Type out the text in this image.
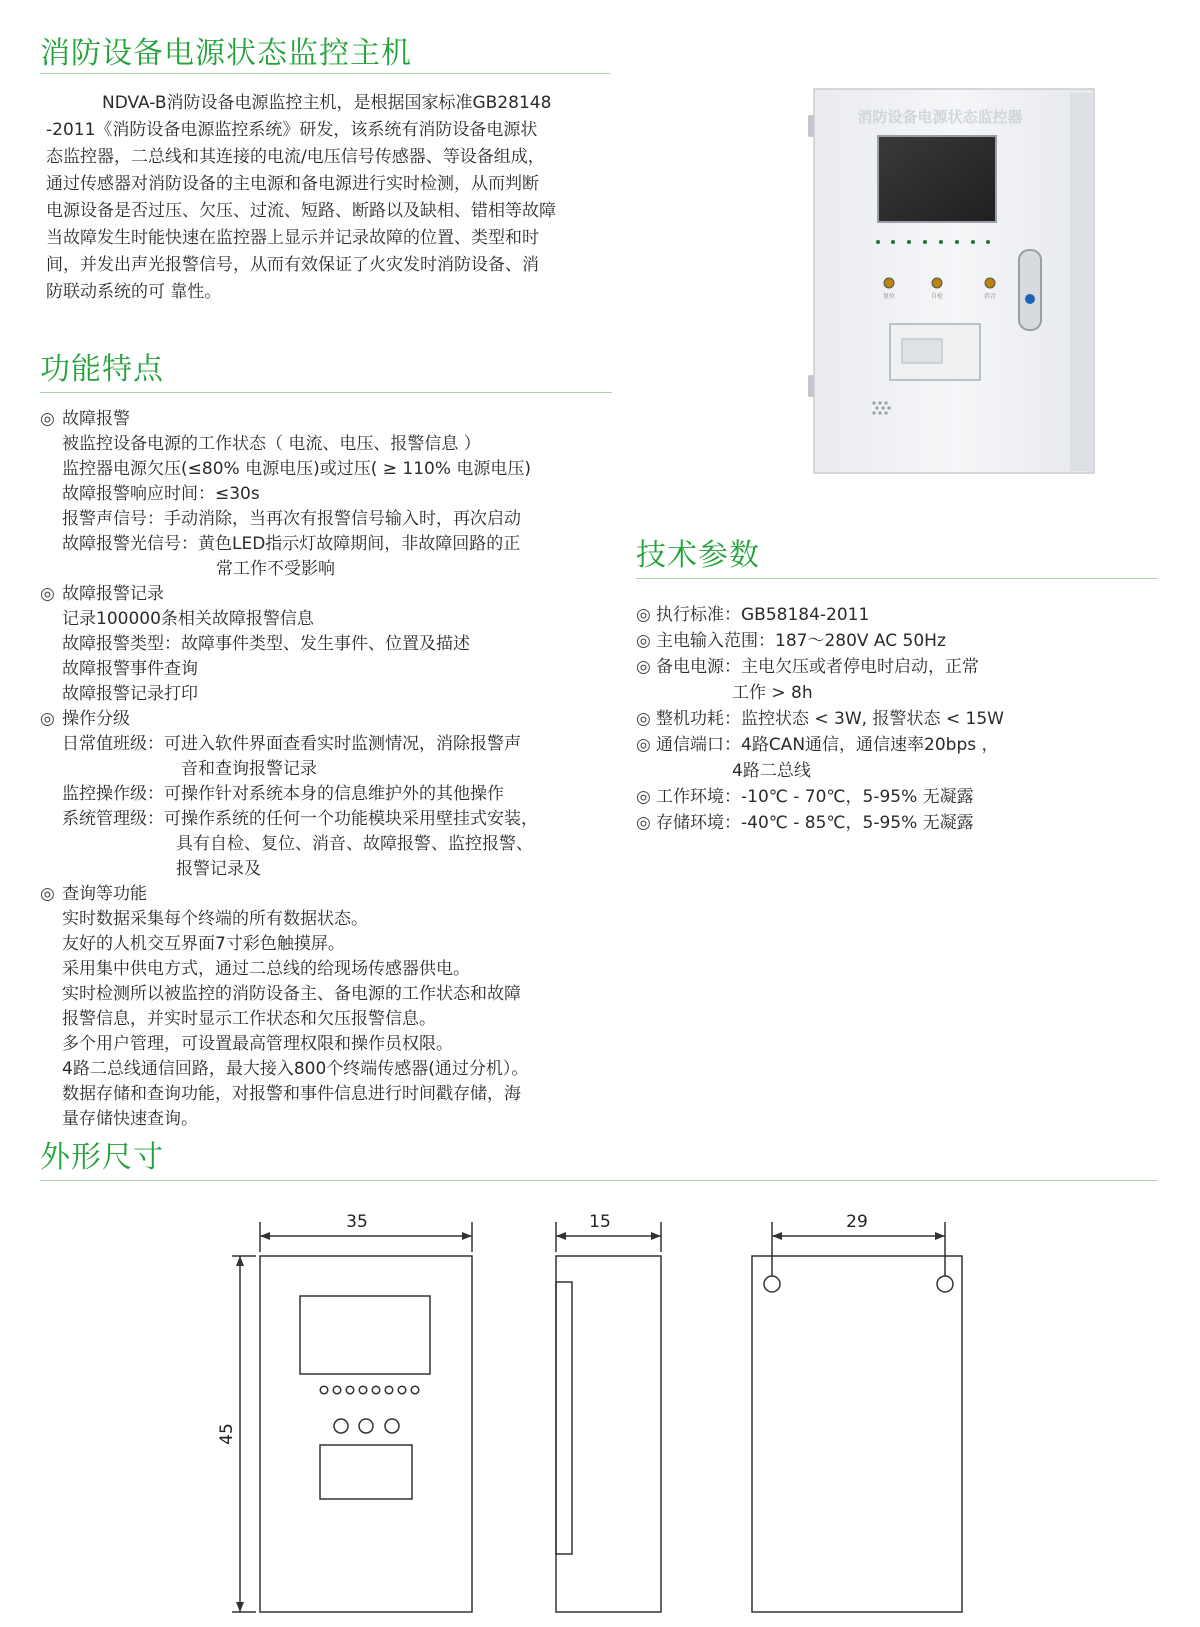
消防设备电源状态监控主机

NDVA-B消防设备电源监控主机，是根据国家标准GB28148
-2011《消防设备电源监控系统》研发，该系统有消防设备电源状
态监控器，二总线和其连接的电流/电压信号传感器、等设备组成，
通过传感器对消防设备的主电源和备电源进行实时检测，从而判断
电源设备是否过压、欠压、过流、短路、断路以及缺相、错相等故障
当故障发生时能快速在监控器上显示并记录故障的位置、类型和时
间，并发出声光报警信号，从而有效保证了火灾发时消防设备、消
防联动系统的可 靠性。

功能特点
◎ 故障报警
被监控设备电源的工作状态（ 电流、电压、报警信息 ）
监控器电源欠压(≤80% 电源电压)或过压( ≥ 110% 电源电压)
故障报警响应时间：≤30s
报警声信号：手动消除，当再次有报警信号输入时，再次启动
故障报警光信号：黄色LED指示灯故障期间，非故障回路的正
常工作不受影响
◎ 故障报警记录
记录100000条相关故障报警信息
故障报警类型：故障事件类型、发生事件、位置及描述
故障报警事件查询
故障报警记录打印
◎ 操作分级
日常值班级：可进入软件界面查看实时监测情况，消除报警声
音和查询报警记录
监控操作级：可操作针对系统本身的信息维护外的其他操作
系统管理级：可操作系统的任何一个功能模块采用壁挂式安装，
具有自检、复位、消音、故障报警、监控报警、
报警记录及
◎ 查询等功能
实时数据采集每个终端的所有数据状态。
友好的人机交互界面7寸彩色触摸屏。
采用集中供电方式，通过二总线的给现场传感器供电。
实时检测所以被监控的消防设备主、备电源的工作状态和故障
报警信息，并实时显示工作状态和欠压报警信息。
多个用户管理，可设置最高管理权限和操作员权限。
4路二总线通信回路，最大接入800个终端传感器(通过分机）。
数据存储和查询功能，对报警和事件信息进行时间戳存储，海
量存储快速查询。
消防设备电源状态监控器
复位	自检	消音
技术参数
◎ 执行标准：GB58184-2011
◎ 主电输入范围：187～280V AC 50Hz
◎ 备电电源：主电欠压或者停电时启动，正常
工作 > 8h
◎ 整机功耗：监控状态 < 3W, 报警状态 < 15W
◎ 通信端口：4路CAN通信，通信速率20bps ，
4路二总线
◎ 工作环境：-10℃ - 70℃，5-95% 无凝露
◎ 存储环境：-40℃ - 85℃，5-95% 无凝露
外形尺寸
35
45
15	29
